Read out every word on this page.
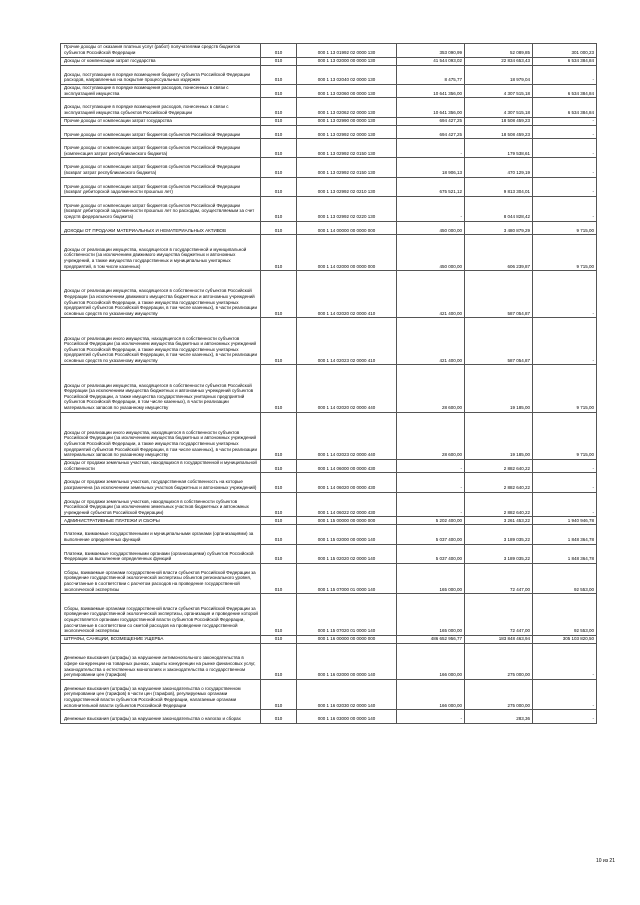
Прочие доходы от оказания платных услуг (работ) получателями средств бюджетов субъектов Российской Федерации	010	000 1 13 01992 02 0000 130	353 090,99	52 089,85	301 000,23
Доходы от компенсации затрат государства	010	000 1 13 02000 00 0000 130	41 544 093,02	22 834 653,43	6 534 384,84
Доходы, поступающие в порядке возмещения бюджету субъекта Российской Федерации расходов, направленных на покрытие процессуальных издержек	010	000 1 13 02040 02 0000 130	8 475,77	18 979,04	-
Доходы, поступающие в порядке возмещения расходов, понесенных в связи с эксплуатацией имущества	010	000 1 13 02060 00 0000 130	10 641 356,00	4 307 515,18	6 534 384,84
Доходы, поступающие в порядке возмещения расходов, понесенных в связи с эксплуатацией имущества субъектов Российской Федерации	010	000 1 13 02062 02 0000 130	10 641 356,00	4 307 515,18	6 534 384,84
Прочие доходы от компенсации затрат государства	010	000 1 13 02990 00 0000 130	694 427,25	18 508 459,23	-
Прочие доходы от компенсации затрат бюджетов субъектов Российской Федерации	010	000 1 13 02992 02 0000 130	694 427,25	18 508 459,23	-
Прочие доходы от компенсации затрат бюджетов субъектов Российской Федерации (компенсация затрат республиканского бюджета)	010	000 1 13 02992 02 0150 130	-	179 538,61	-
Прочие доходы от компенсации затрат бюджетов субъектов Российской Федерации (возврат затрат республиканского бюджета)	010	000 1 13 02992 02 0150 130	18 906,13	470 129,19	-
Прочие доходы от компенсации затрат бюджетов субъектов Российской Федерации (возврат дебиторской задолженности прошлых лет)	010	000 1 13 02992 02 0210 130	675 521,12	9 813 304,01	-
Прочие доходы от компенсации затрат бюджетов субъектов Российской Федерации (возврат дебиторской задолженности прошлых лет по расходам, осуществляемым за счет средств федерального бюджета)	010	000 1 13 02992 02 0220 130	-	8 044 828,42	-
ДОХОДЫ ОТ ПРОДАЖИ МАТЕРИАЛЬНЫХ И НЕМАТЕРИАЛЬНЫХ АКТИВОВ	010	000 1 14 00000 00 0000 000	450 000,00	3 480 879,29	9 715,00
Доходы от реализации имущества, находящегося в государственной и муниципальной собственности (за исключением движимого имущества бюджетных и автономных учреждений, а также имущества государственных и муниципальных унитарных предприятий, в том числе казенных)	010	000 1 14 02000 00 0000 000	450 000,00	606 239,87	9 715,00
Доходы от реализации имущества, находящегося в собственности субъектов Российской Федерации (за исключением движимого имущества бюджетных и автономных учреждений субъектов Российской Федерации, а также имущества государственных унитарных предприятий субъектов Российской Федерации, в том числе казенных), в части реализации основных средств по указанному имуществу	010	000 1 14 02020 02 0000 410	421 400,00	587 054,87	-
Доходы от реализации иного имущества, находящегося в собственности субъектов Российской Федерации (за исключением имущества бюджетных и автономных учреждений субъектов Российской Федерации, а также имущества государственных унитарных предприятий субъектов Российской Федерации, в том числе казенных), в части реализации основных средств по указанному имуществу	010	000 1 14 02023 02 0000 410	421 400,00	587 054,87	-
Доходы от реализации имущества, находящегося в собственности субъектов Российской Федерации (за исключением имущества бюджетных и автономных учреждений субъектов Российской Федерации, а также имущества государственных унитарных предприятий субъектов Российской Федерации, в том числе казенных), в части реализации материальных запасов по указанному имуществу	010	000 1 14 02020 02 0000 440	28 600,00	19 185,00	9 715,00
Доходы от реализации иного имущества, находящегося в собственности субъектов Российской Федерации (за исключением имущества бюджетных и автономных учреждений субъектов Российской Федерации, а также имущества государственных унитарных предприятий субъектов Российской Федерации, в том числе казенных), в части реализации материальных запасов по указанному имуществу	010	000 1 14 02023 02 0000 440	28 600,00	19 185,00	9 715,00
Доходы от продажи земельных участков, находящихся в государственной и муниципальной собственности	010	000 1 14 06000 00 0000 430	-	2 882 640,22	-
Доходы от продажи земельных участков, государственная собственность на которые разграничена (за исключением земельных участков бюджетных и автономных учреждений)	010	000 1 14 06020 00 0000 430	-	2 882 640,22	-
Доходы от продажи земельных участков, находящихся в собственности субъектов Российской Федерации (за исключением земельных участков бюджетных и автономных учреждений субъектов Российской Федерации)	010	000 1 14 06022 02 0000 430	-	2 882 640,22	-
АДМИНИСТРАТИВНЫЕ ПЛАТЕЖИ И СБОРЫ	010	000 1 15 00000 00 0000 000	5 202 400,00	3 261 453,22	1 940 946,78
Платежи, взимаемые государственными и муниципальными органами (организациями) за выполнение определенных функций	010	000 1 15 02000 00 0000 140	5 037 400,00	3 189 035,22	1 848 364,78
Платежи, взимаемые государственными органами (организациями) субъектов Российской Федерации за выполнение определенных функций	010	000 1 15 02020 02 0000 140	5 037 400,00	3 189 035,22	1 848 364,78
Сборы, взимаемые органами государственной власти субъектов Российской Федерации за проведение государственной экологической экспертизы объектов регионального уровня, рассчитанные в соответствии с расчетом расходов на проведение государственной экологической экспертизы	010	000 1 15 07000 01 0000 140	165 000,00	72 447,00	92 553,00
Сборы, взимаемые органами государственной власти субъектов Российской Федерации за проведение государственной экологической экспертизы, организация и проведение которой осуществляется органами государственной власти субъектов Российской Федерации, рассчитанные в соответствии со сметой расходов на проведение государственной экологической экспертизы	010	000 1 15 07020 01 0000 140	165 000,00	72 447,00	92 553,00
ШТРАФЫ, САНКЦИИ, ВОЗМЕЩЕНИЕ УЩЕРБА	010	000 1 16 00000 00 0000 000	486 652 956,77	183 848 463,94	305 103 820,50
Денежные взыскания (штрафы) за нарушение антимонопольного законодательства в сфере конкуренции на товарных рынках, защиты конкуренции на рынке финансовых услуг, законодательства о естественных монополиях и законодательства о государственном регулировании цен (тарифов)	010	000 1 16 02000 00 0000 140	166 000,00	275 000,00	-
Денежные взыскания (штрафы) за нарушение законодательства о государственном регулировании цен (тарифов) в части цен (тарифов), регулируемых органами государственной власти субъектов Российской Федерации, налагаемые органами исполнительной власти субъектов Российской Федерации	010	000 1 16 02030 02 0000 140	166 000,00	275 000,00	-
Денежные взыскания (штрафы) за нарушение законодательства о налогах и сборах	010	000 1 16 03000 00 0000 140	-	283,36	-
10 из 21
